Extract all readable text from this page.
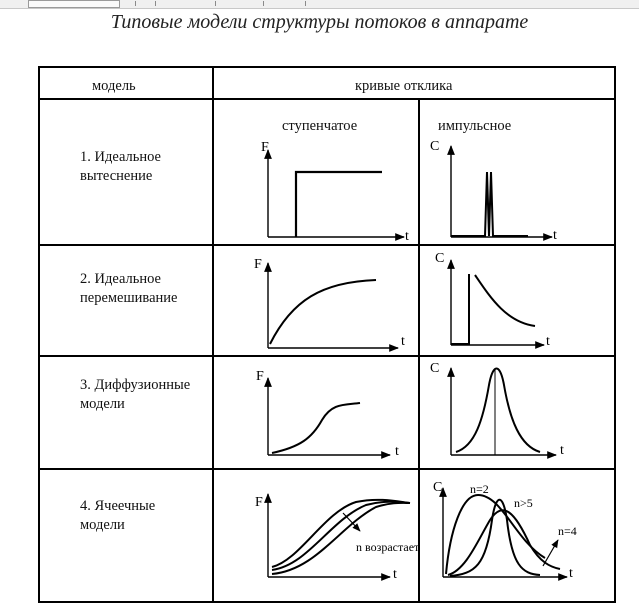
Типовые модели структуры потоков в аппарате
модель	кривые отклика
ступенчатое	импульсное
1. Идеальное
вытеснение
2. Идеальное
перемешивание
3. Диффузионные
модели
4. Ячеечные
модели
F
t
C
t
F
t
C
t
F
t
C
t
F
t
n возрастает
C
t
n=2
n>5
n=4
